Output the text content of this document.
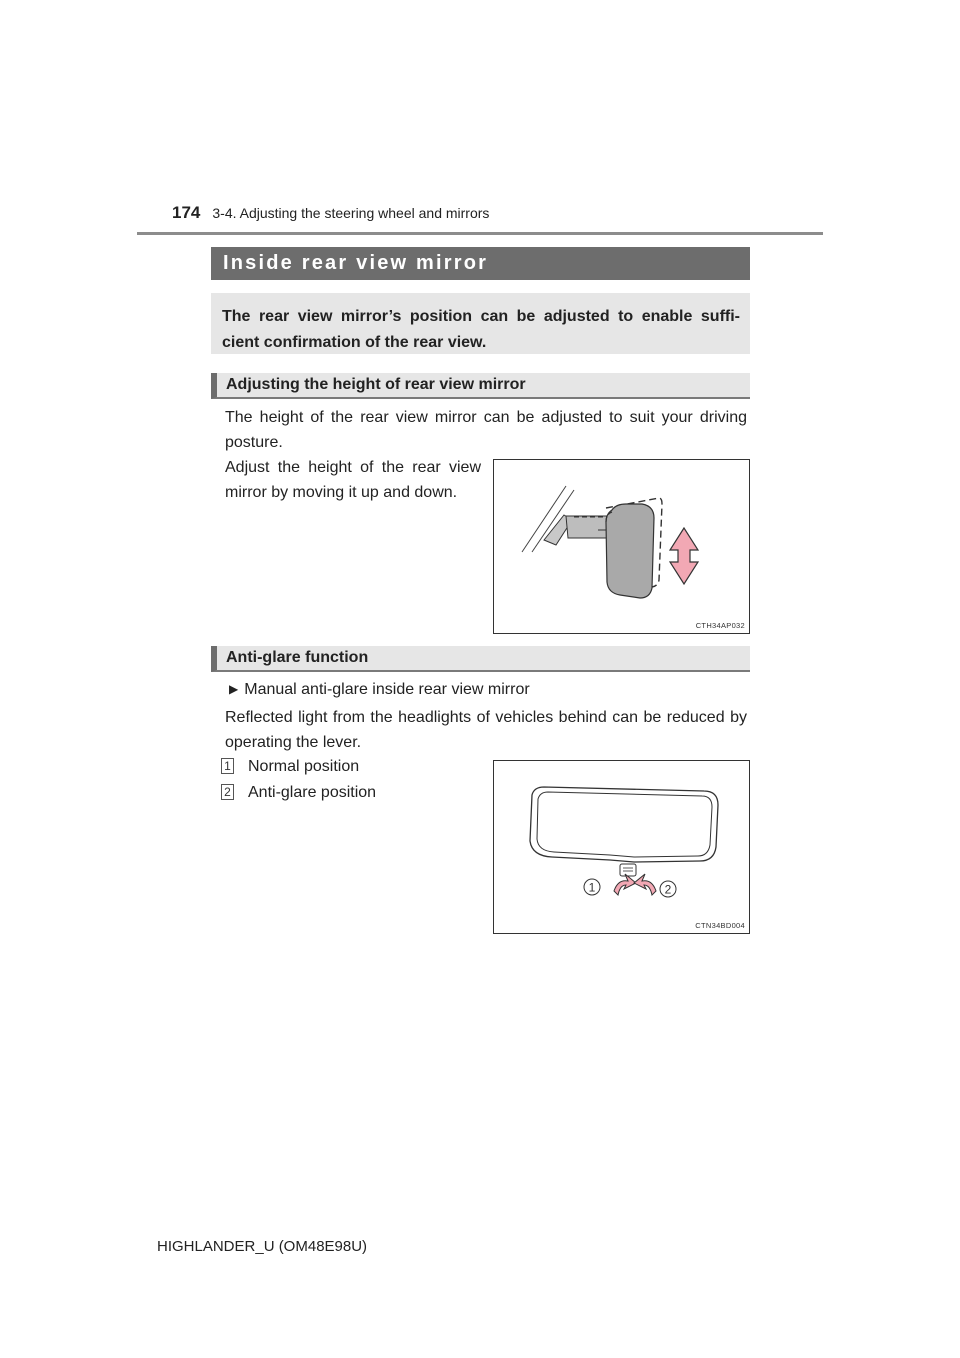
174 3-4. Adjusting the steering wheel and mirrors
Inside rear view mirror
The rear view mirror’s position can be adjusted to enable suffi- cient confirmation of the rear view.
Adjusting the height of rear view mirror
The height of the rear view mirror can be adjusted to suit your driving posture.
Adjust the height of the rear view mirror by moving it up and down.
CTH34AP032
Anti-glare function
▶ Manual anti-glare inside rear view mirror
Reflected light from the headlights of vehicles behind can be reduced by operating the lever.
1 Normal position
2 Anti-glare position
1	2
CTN34BD004
HIGHLANDER_U (OM48E98U)
